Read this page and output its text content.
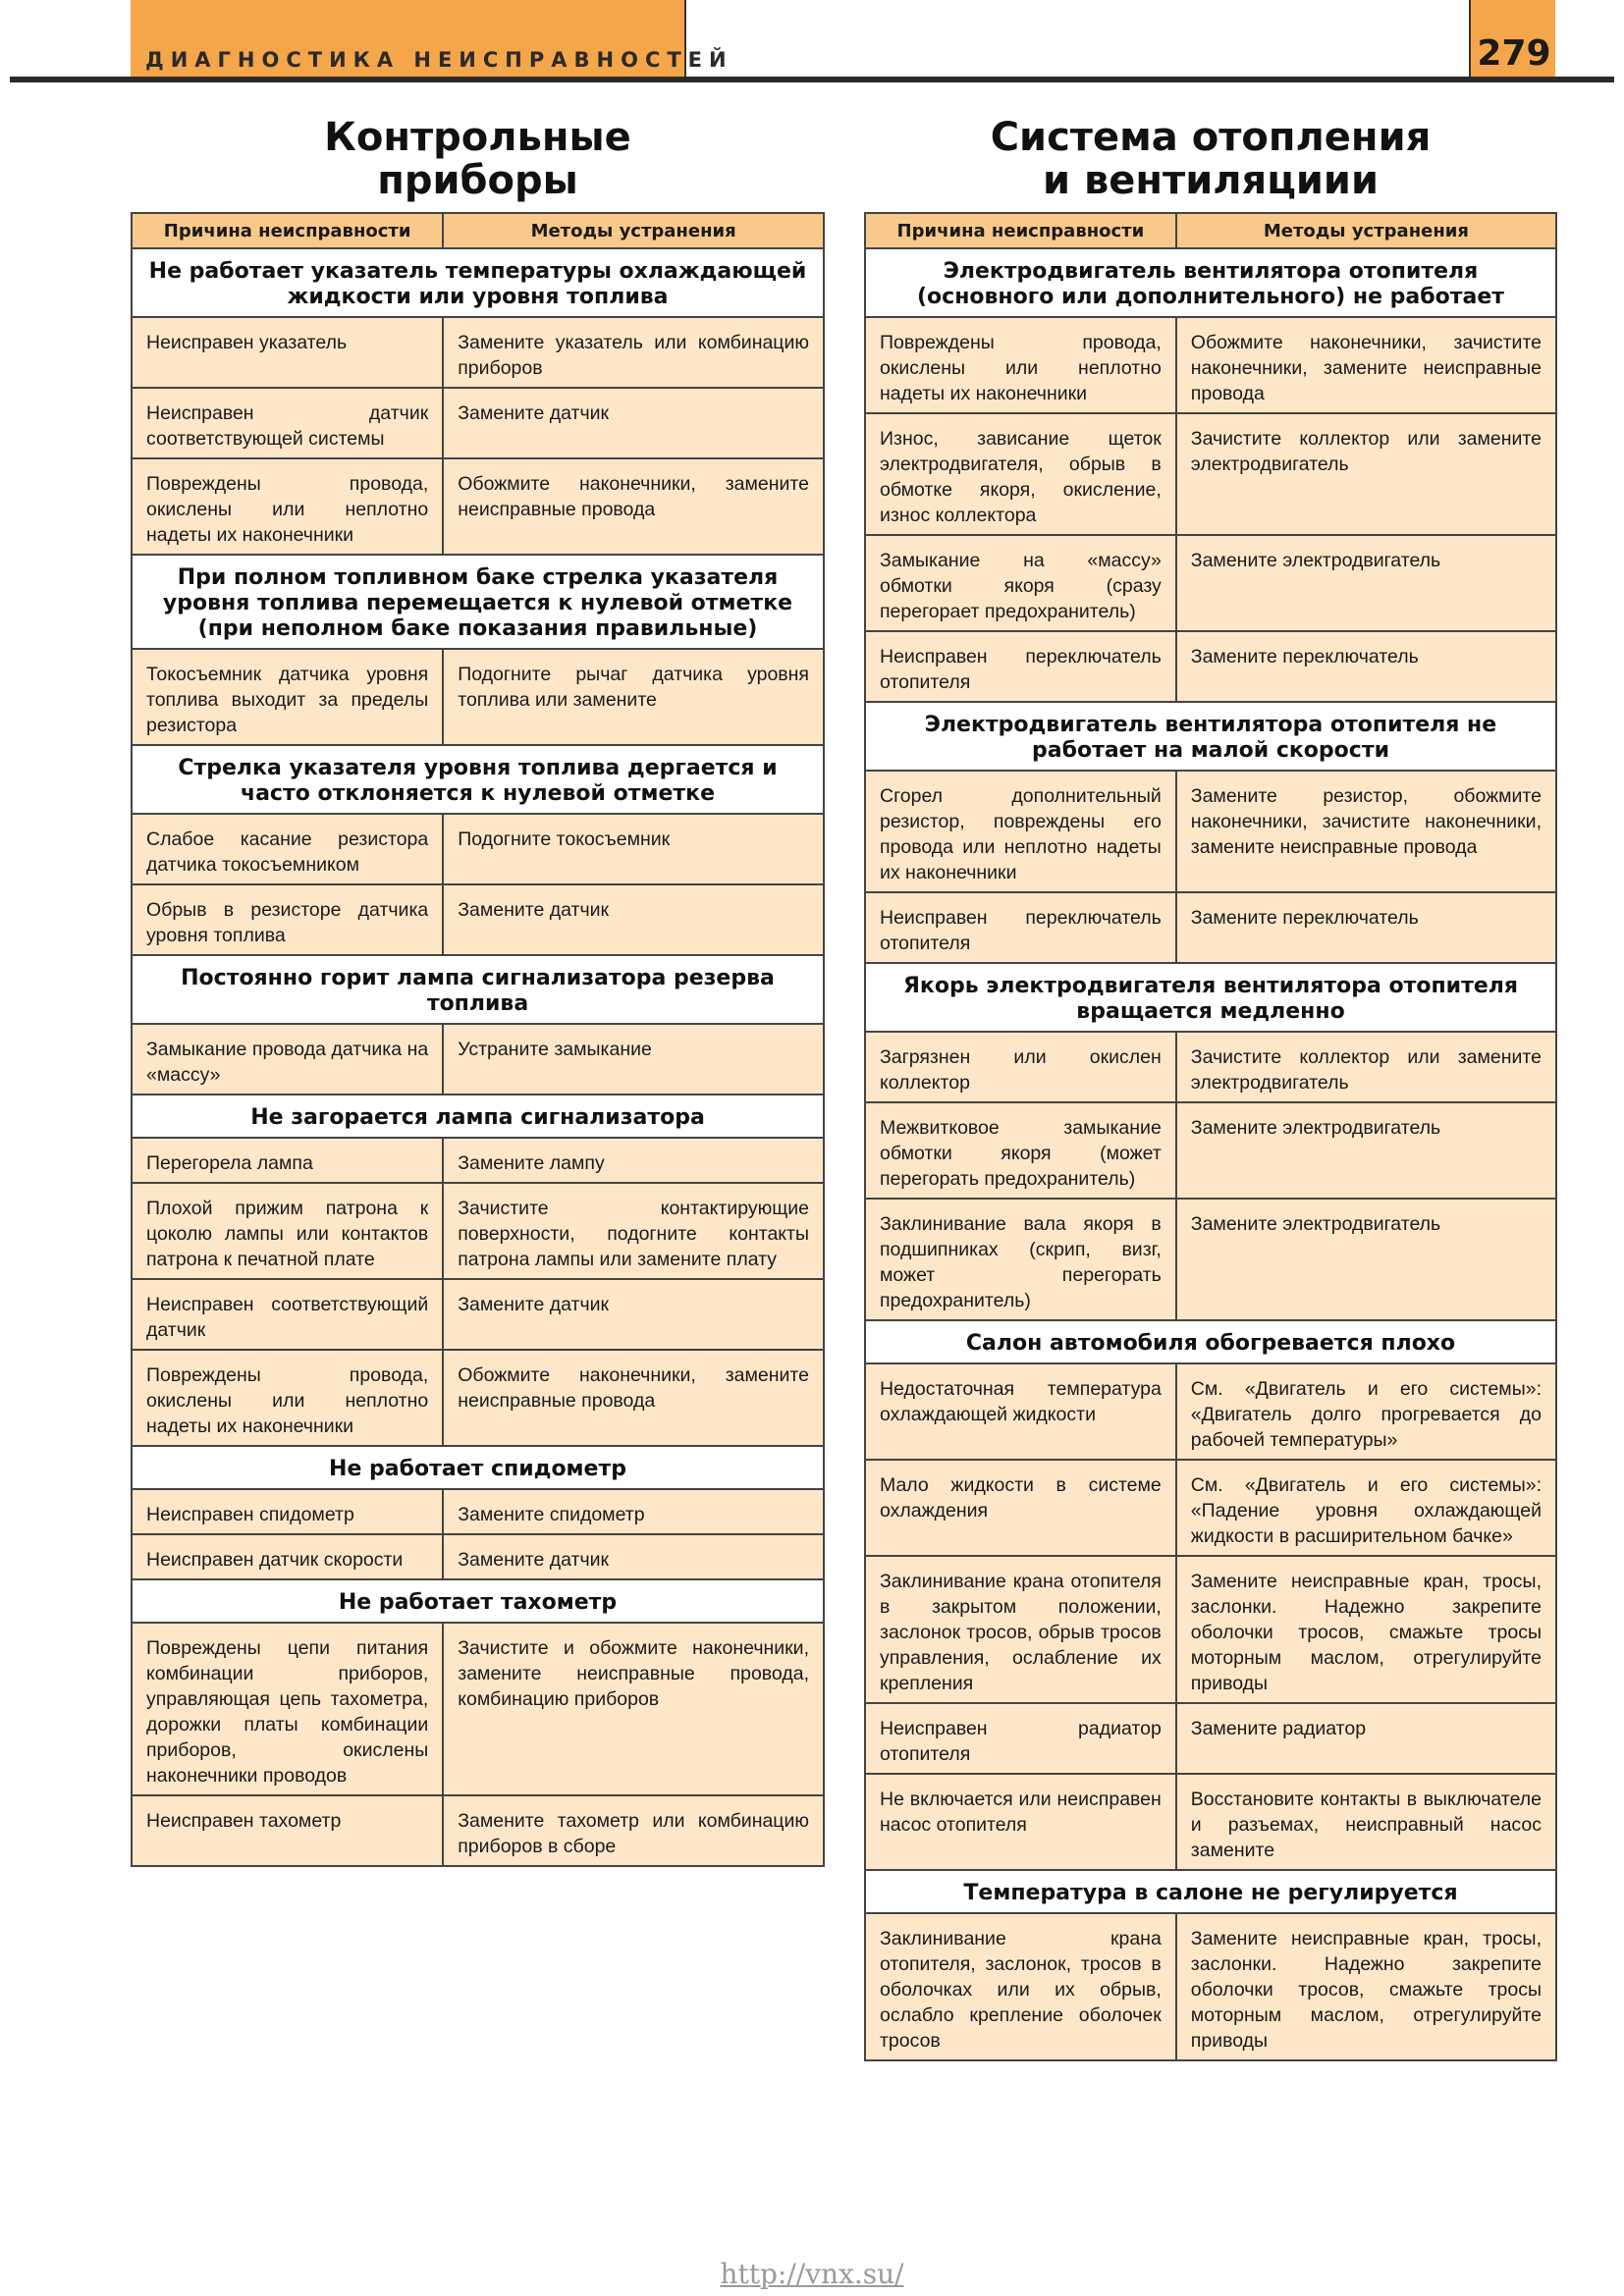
ДИАГНОСТИКА НЕИСПРАВНОСТЕЙ	279
Контрольные
приборы
Причина неисправности	Методы устранения
Не работает указатель температуры охлаждающей жидкости или уровня топлива	
Неисправен указатель	Замените указатель или комбинацию приборов
Неисправен датчик соответствующей системы	Замените датчик
Повреждены провода, окислены или неплотно надеты их наконечники	Обожмите наконечники, замените неисправные провода
При полном топливном баке стрелка указателя уровня топлива перемещается к нулевой отметке (при неполном баке показания правильные)	
Токосъемник датчика уровня топлива выходит за пределы резистора	Подогните рычаг датчика уровня топлива или замените
Стрелка указателя уровня топлива дергается и часто отклоняется к нулевой отметке	
Слабое касание резистора датчика токосъемником	Подогните токосъемник
Обрыв в резисторе датчика уровня топлива	Замените датчик
Постоянно горит лампа сигнализатора резерва топлива	
Замыкание провода датчика на «массу»	Устраните замыкание
Не загорается лампа сигнализатора	
Перегорела лампа	Замените лампу
Плохой прижим патрона к цоколю лампы или контактов патрона к печатной плате	Зачистите контактирующие поверхности, подогните контакты патрона лампы или замените плату
Неисправен соответствующий датчик	Замените датчик
Повреждены провода, окислены или неплотно надеты их наконечники	Обожмите наконечники, замените неисправные провода
Не работает спидометр	
Неисправен спидометр	Замените спидометр
Неисправен датчик скорости	Замените датчик
Не работает тахометр	
Повреждены цепи питания комбинации приборов, управляющая цепь тахометра, дорожки платы комбинации приборов, окислены наконечники проводов	Зачистите и обожмите наконечники, замените неисправные провода, комбинацию приборов
Неисправен тахометр	Замените тахометр или комбинацию приборов в сборе
Система отопления
и вентиляциии
Причина неисправности	Методы устранения
Электродвигатель вентилятора отопителя (основного или дополнительного) не работает	
Повреждены провода, окислены или неплотно надеты их наконечники	Обожмите наконечники, зачистите наконечники, замените неисправные провода
Износ, зависание щеток электродвигателя, обрыв в обмотке якоря, окисление, износ коллектора	Зачистите коллектор или замените электродвигатель
Замыкание на «массу» обмотки якоря (сразу перегорает предохранитель)	Замените электродвигатель
Неисправен переключатель отопителя	Замените переключатель
Электродвигатель вентилятора отопителя не работает на малой скорости	
Сгорел дополнительный резистор, повреждены его провода или неплотно надеты их наконечники	Замените резистор, обожмите наконечники, зачистите наконечники, замените неисправные провода
Неисправен переключатель отопителя	Замените переключатель
Якорь электродвигателя вентилятора отопителя вращается медленно	
Загрязнен или окислен коллектор	Зачистите коллектор или замените электродвигатель
Межвитковое замыкание обмотки якоря (может перегорать предохранитель)	Замените электродвигатель
Заклинивание вала якоря в подшипниках (скрип, визг, может перегорать предохранитель)	Замените электродвигатель
Салон автомобиля обогревается плохо	
Недостаточная температура охлаждающей жидкости	См. «Двигатель и его системы»: «Двигатель долго прогревается до рабочей температуры»
Мало жидкости в системе охлаждения	См. «Двигатель и его системы»: «Падение уровня охлаждающей жидкости в расширительном бачке»
Заклинивание крана отопителя в закрытом положении, заслонок тросов, обрыв тросов управления, ослабление их крепления	Замените неисправные кран, тросы, заслонки. Надежно закрепите оболочки тросов, смажьте тросы моторным маслом, отрегулируйте приводы
Неисправен радиатор отопителя	Замените радиатор
Не включается или неисправен насос отопителя	Восстановите контакты в выключателе и разъемах, неисправный насос замените
Температура в салоне не регулируется	
Заклинивание крана отопителя, заслонок, тросов в оболочках или их обрыв, ослабло крепление оболочек тросов	Замените неисправные кран, тросы, заслонки. Надежно закрепите оболочки тросов, смажьте тросы моторным маслом, отрегулируйте приводы
http://vnx.su/
